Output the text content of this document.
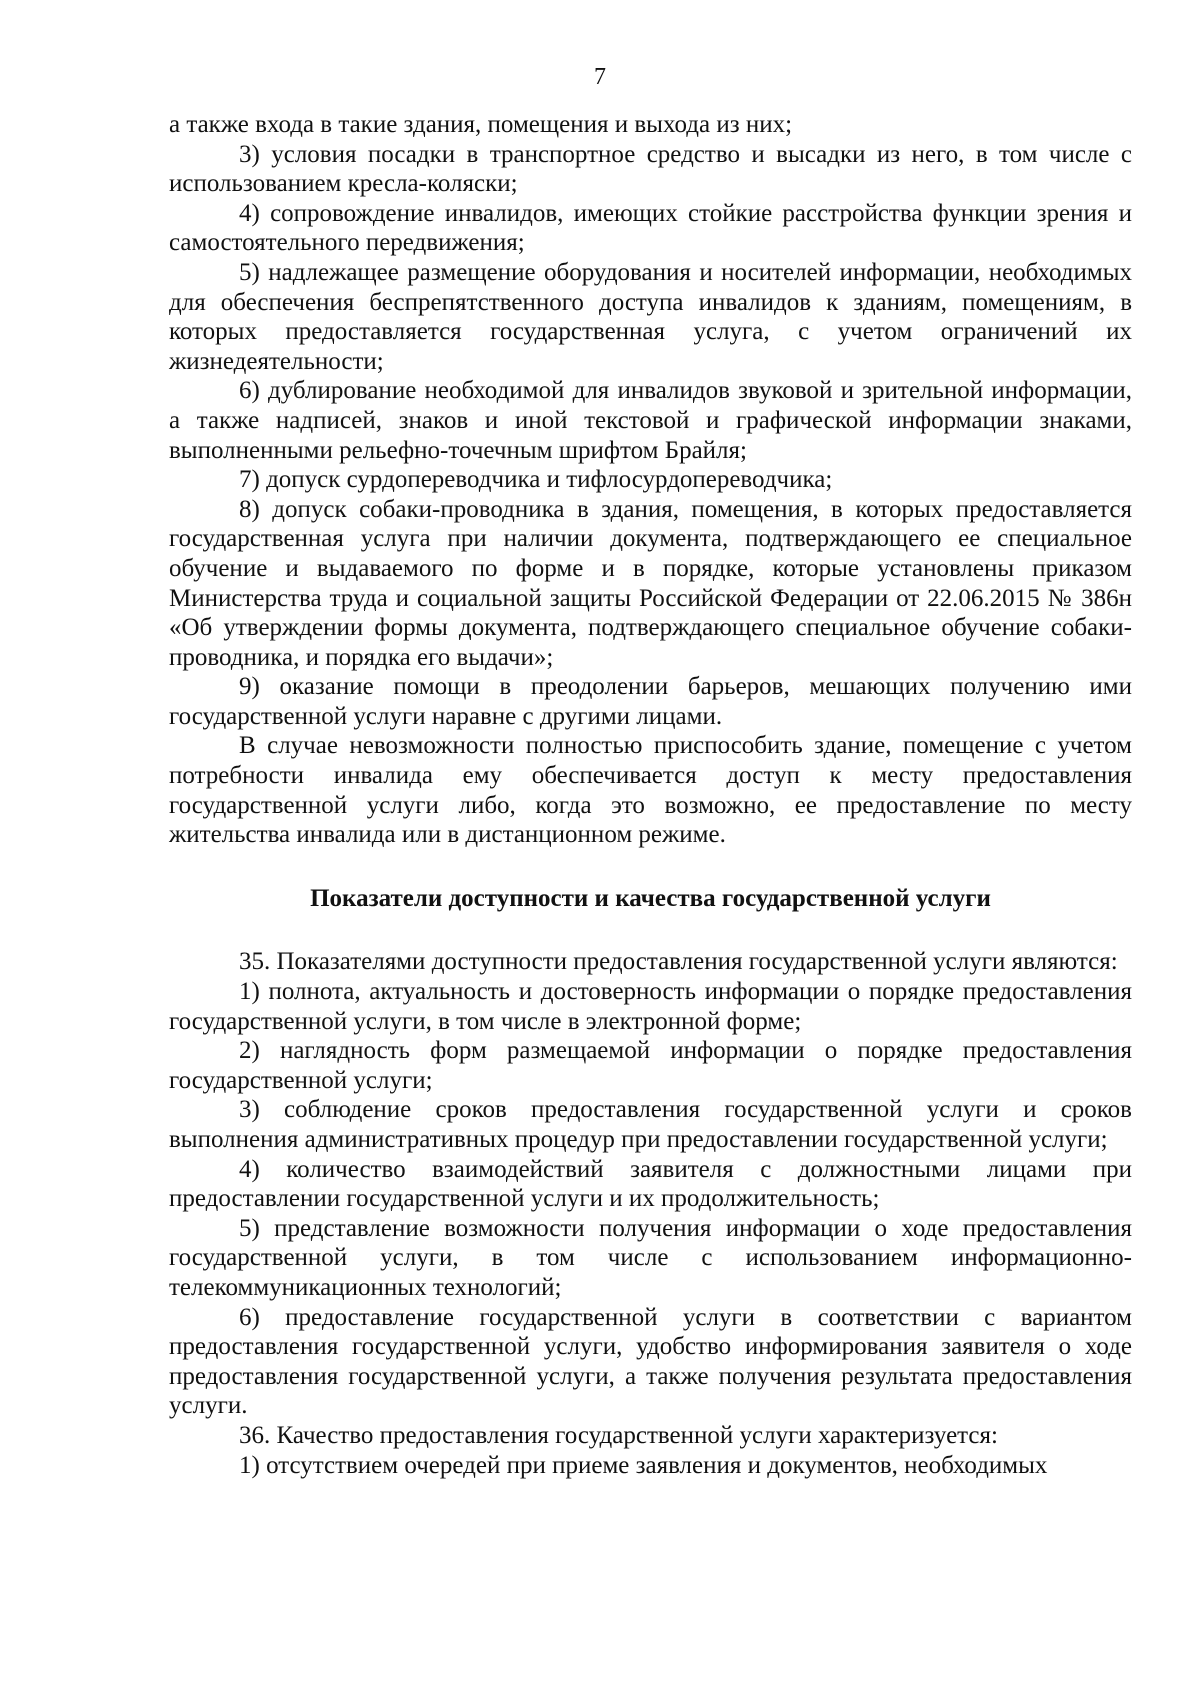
7

а также входа в такие здания, помещения и выхода из них;

3) условия посадки в транспортное средство и высадки из него, в том числе с использованием кресла-коляски;

4) сопровождение инвалидов, имеющих стойкие расстройства функции зрения и самостоятельного передвижения;

5) надлежащее размещение оборудования и носителей информации, необходимых для обеспечения беспрепятственного доступа инвалидов к зданиям, помещениям, в которых предоставляется государственная услуга, с учетом ограничений их жизнедеятельности;

6) дублирование необходимой для инвалидов звуковой и зрительной информации, а также надписей, знаков и иной текстовой и графической информации знаками, выполненными рельефно-точечным шрифтом Брайля;

7) допуск сурдопереводчика и тифлосурдопереводчика;

8) допуск собаки-проводника в здания, помещения, в которых предоставляется государственная услуга при наличии документа, подтверждающего ее специальное обучение и выдаваемого по форме и в порядке, которые установлены приказом Министерства труда и социальной защиты Российской Федерации от 22.06.2015 № 386н «Об утверждении формы документа, подтверждающего специальное обучение собаки-проводника, и порядка его выдачи»;

9) оказание помощи в преодолении барьеров, мешающих получению ими государственной услуги наравне с другими лицами.

В случае невозможности полностью приспособить здание, помещение с учетом потребности инвалида ему обеспечивается доступ к месту предоставления государственной услуги либо, когда это возможно, ее предоставление по месту жительства инвалида или в дистанционном режиме.

Показатели доступности и качества государственной услуги

35. Показателями доступности предоставления государственной услуги являются:

1) полнота, актуальность и достоверность информации о порядке предоставления государственной услуги, в том числе в электронной форме;

2) наглядность форм размещаемой информации о порядке предоставления государственной услуги;

3) соблюдение сроков предоставления государственной услуги и сроков выполнения административных процедур при предоставлении государственной услуги;

4) количество взаимодействий заявителя с должностными лицами при предоставлении государственной услуги и их продолжительность;

5) представление возможности получения информации о ходе предоставления государственной услуги, в том числе с использованием информационно-телекоммуникационных технологий;

6) предоставление государственной услуги в соответствии с вариантом предоставления государственной услуги, удобство информирования заявителя о ходе предоставления государственной услуги, а также получения результата предоставления услуги.

36. Качество предоставления государственной услуги характеризуется:

1) отсутствием очередей при приеме заявления и документов, необходимых
